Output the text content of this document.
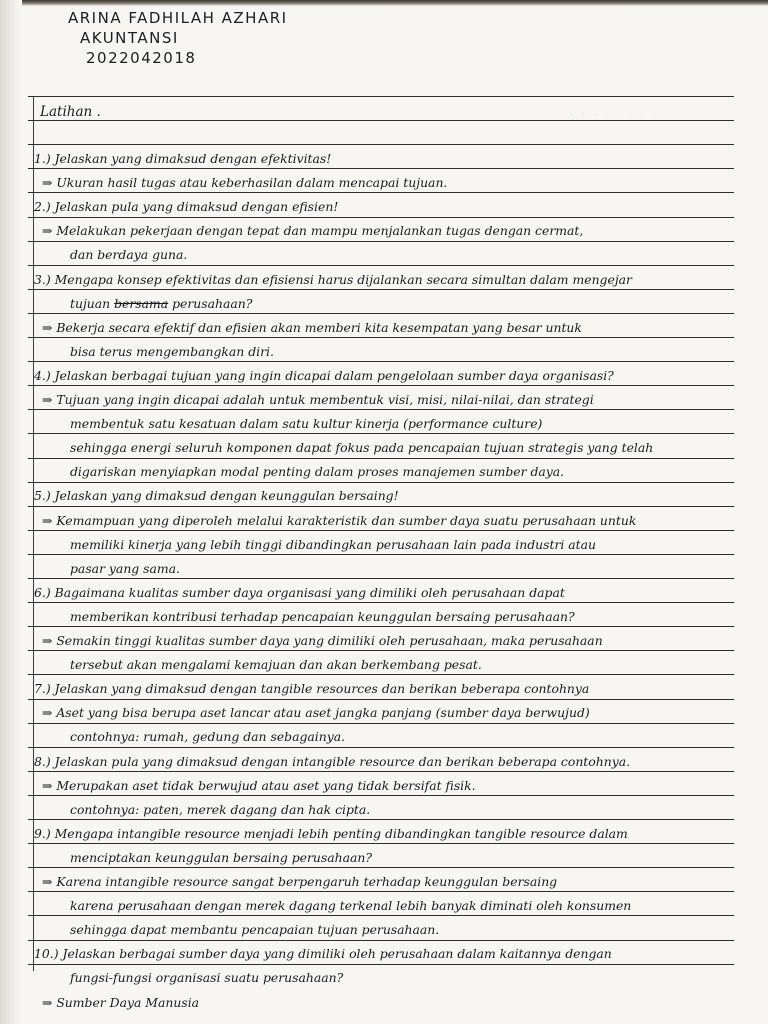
ARINA FADHILAH AZHARI
AKUNTANSI
2022042018
. . . . . . . .
Latihan .
1.) Jelaskan yang dimaksud dengan efektivitas!
⇒ Ukuran hasil tugas atau keberhasilan dalam mencapai tujuan.
2.) Jelaskan pula yang dimaksud dengan efisien!
⇒ Melakukan pekerjaan dengan tepat dan mampu menjalankan tugas dengan cermat,
dan berdaya guna.
3.) Mengapa konsep efektivitas dan efisiensi harus dijalankan secara simultan dalam mengejar
tujuan bersama perusahaan?
⇒ Bekerja secara efektif dan efisien akan memberi kita kesempatan yang besar untuk
bisa terus mengembangkan diri.
4.) Jelaskan berbagai tujuan yang ingin dicapai dalam pengelolaan sumber daya organisasi?
⇒ Tujuan yang ingin dicapai adalah untuk membentuk visi, misi, nilai-nilai, dan strategi
membentuk satu kesatuan dalam satu kultur kinerja (performance culture)
sehingga energi seluruh komponen dapat fokus pada pencapaian tujuan strategis yang telah
digariskan menyiapkan modal penting dalam proses manajemen sumber daya.
5.) Jelaskan yang dimaksud dengan keunggulan bersaing!
⇒ Kemampuan yang diperoleh melalui karakteristik dan sumber daya suatu perusahaan untuk
memiliki kinerja yang lebih tinggi dibandingkan perusahaan lain pada industri atau
pasar yang sama.
6.) Bagaimana kualitas sumber daya organisasi yang dimiliki oleh perusahaan dapat
memberikan kontribusi terhadap pencapaian keunggulan bersaing perusahaan?
⇒ Semakin tinggi kualitas sumber daya yang dimiliki oleh perusahaan, maka perusahaan
tersebut akan mengalami kemajuan dan akan berkembang pesat.
7.) Jelaskan yang dimaksud dengan tangible resources dan berikan beberapa contohnya
⇒ Aset yang bisa berupa aset lancar atau aset jangka panjang (sumber daya berwujud)
contohnya: rumah, gedung dan sebagainya.
8.) Jelaskan pula yang dimaksud dengan intangible resource dan berikan beberapa contohnya.
⇒ Merupakan aset tidak berwujud atau aset yang tidak bersifat fisik.
contohnya: paten, merek dagang dan hak cipta.
9.) Mengapa intangible resource menjadi lebih penting dibandingkan tangible resource dalam
menciptakan keunggulan bersaing perusahaan?
⇒ Karena intangible resource sangat berpengaruh terhadap keunggulan bersaing
karena perusahaan dengan merek dagang terkenal lebih banyak diminati oleh konsumen
sehingga dapat membantu pencapaian tujuan perusahaan.
10.) Jelaskan berbagai sumber daya yang dimiliki oleh perusahaan dalam kaitannya dengan
fungsi-fungsi organisasi suatu perusahaan?
⇒ Sumber Daya Manusia
